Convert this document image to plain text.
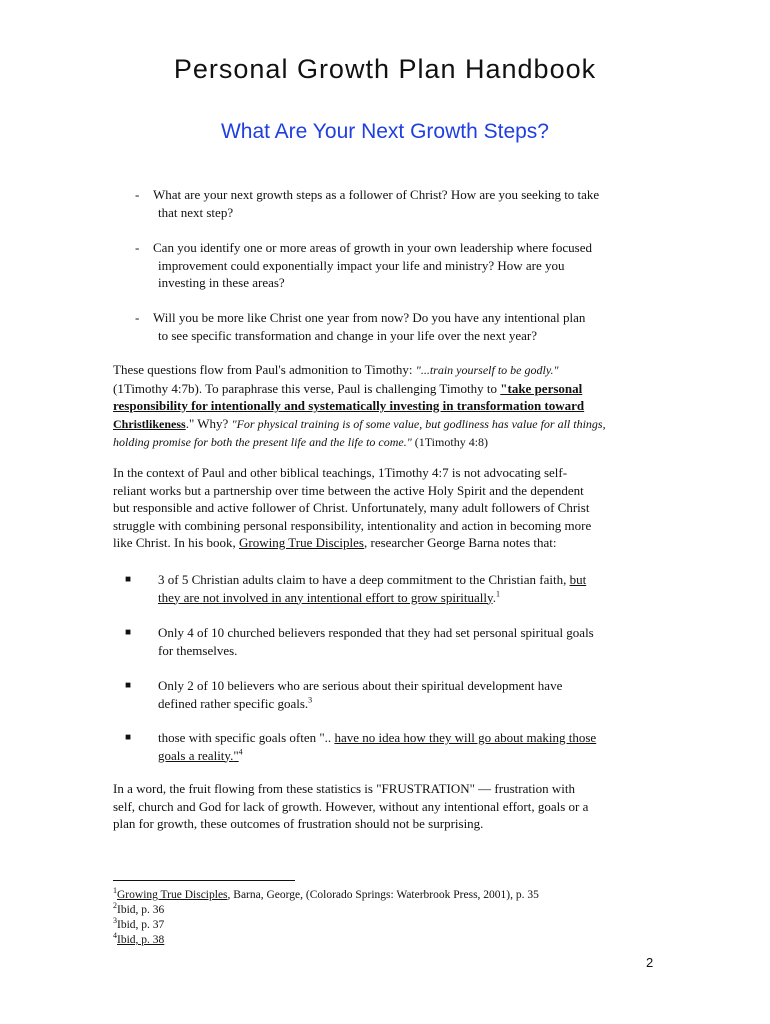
Personal Growth Plan Handbook
What Are Your Next Growth Steps?
- What are your next growth steps as a follower of Christ? How are you seeking to take
that next step?
- Can you identify one or more areas of growth in your own leadership where focused
improvement could exponentially impact your life and ministry? How are you
investing in these areas?
- Will you be more like Christ one year from now? Do you have any intentional plan
to see specific transformation and change in your life over the next year?
These questions flow from Paul's admonition to Timothy: "...train yourself to be godly."
(1Timothy 4:7b). To paraphrase this verse, Paul is challenging Timothy to "take personal
responsibility for intentionally and systematically investing in transformation toward
Christlikeness." Why? "For physical training is of some value, but godliness has value for all things,
holding promise for both the present life and the life to come." (1Timothy 4:8)
In the context of Paul and other biblical teachings, 1Timothy 4:7 is not advocating self-
reliant works but a partnership over time between the active Holy Spirit and the dependent
but responsible and active follower of Christ. Unfortunately, many adult followers of Christ
struggle with combining personal responsibility, intentionality and action in becoming more
like Christ. In his book, Growing True Disciples, researcher George Barna notes that:
■	3 of 5 Christian adults claim to have a deep commitment to the Christian faith, but
they are not involved in any intentional effort to grow spiritually.$^1$
■	Only 4 of 10 churched believers responded that they had set personal spiritual goals
for themselves.
■	Only 2 of 10 believers who are serious about their spiritual development have
defined rather specific goals.$^3$
■	those with specific goals often ".. have no idea how they will go about making those
goals a reality."$^4$
In a word, the fruit flowing from these statistics is "FRUSTRATION" — frustration with
self, church and God for lack of growth. However, without any intentional effort, goals or a
plan for growth, these outcomes of frustration should not be surprising.
$^1$Growing True Disciples, Barna, George, (Colorado Springs: Waterbrook Press, 2001), p. 35
$^2$Ibid, p. 36
$^3$Ibid, p. 37
$^4$Ibid, p. 38
2
